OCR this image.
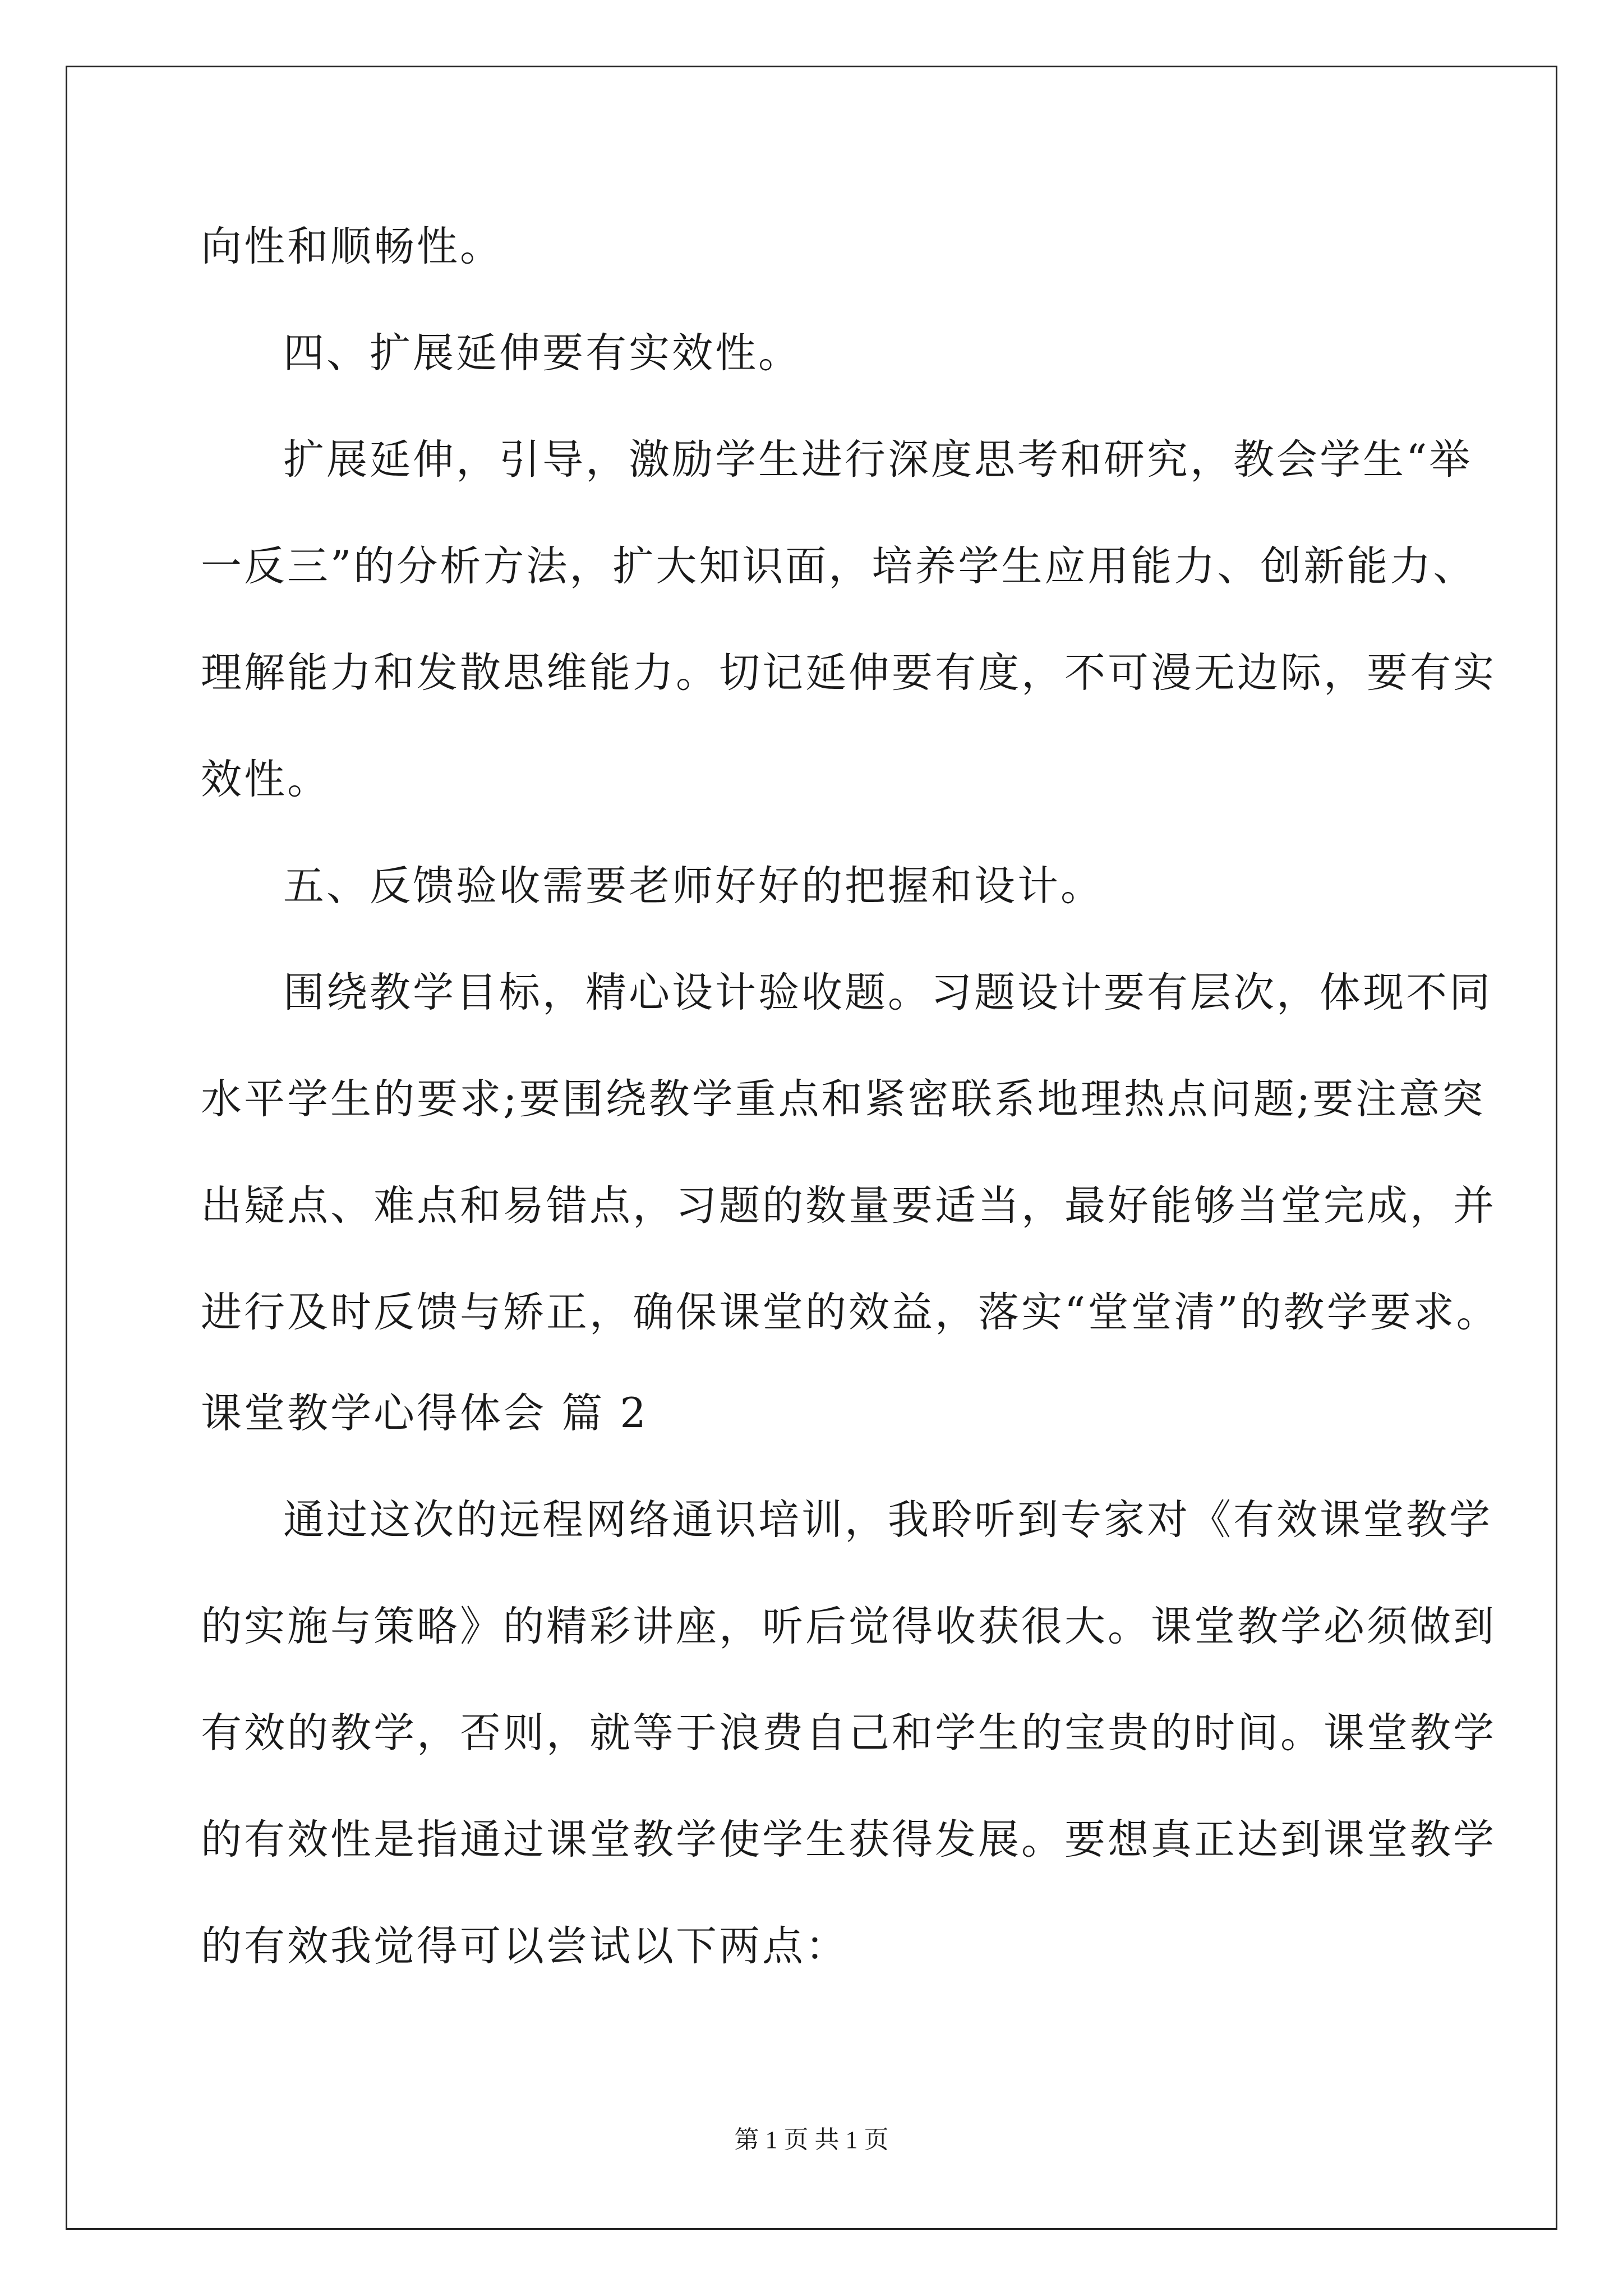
向性和顺畅性。
四、扩展延伸要有实效性。
扩展延伸，引导，激励学生进行深度思考和研究，教会学生“举
一反三”的分析方法，扩大知识面，培养学生应用能力、创新能力、
理解能力和发散思维能力。切记延伸要有度，不可漫无边际，要有实
效性。
五、反馈验收需要老师好好的把握和设计。
围绕教学目标，精心设计验收题。习题设计要有层次，体现不同
水平学生的要求;要围绕教学重点和紧密联系地理热点问题;要注意突
出疑点、难点和易错点，习题的数量要适当，最好能够当堂完成，并
进行及时反馈与矫正，确保课堂的效益，落实“堂堂清”的教学要求。
课堂教学心得体会 篇 2
通过这次的远程网络通识培训，我聆听到专家对《有效课堂教学
的实施与策略》的精彩讲座，听后觉得收获很大。课堂教学必须做到
有效的教学，否则，就等于浪费自己和学生的宝贵的时间。课堂教学
的有效性是指通过课堂教学使学生获得发展。要想真正达到课堂教学
的有效我觉得可以尝试以下两点：
第 1 页 共 1 页
